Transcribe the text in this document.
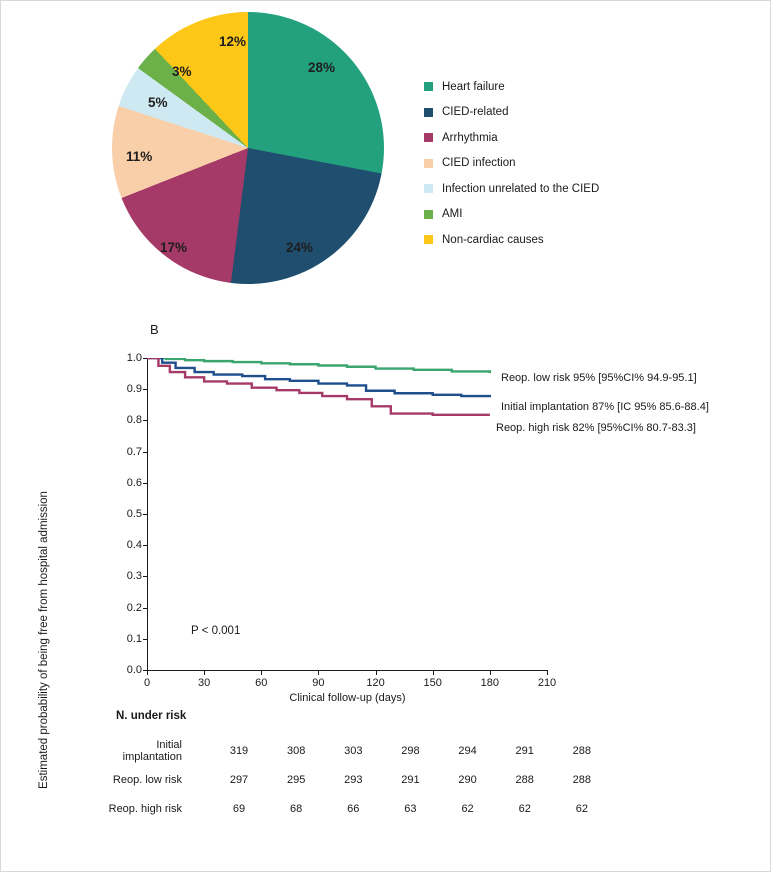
28%
24%
17%
11%
5%
3%
12%
Heart failure
CIED-related
Arrhythmia
CIED infection
Infection unrelated to the CIED
AMI
Non-cardiac causes
B
Estimated probability of being free from hospital admission	0.0
0.1
0.2
0.3
0.4
0.5
0.6
0.7
0.8
0.9
1.0
0	30	60	90	120	150	180	210
Clinical follow-up (days)
P < 0.001
Reop. low risk 95% [95%CI% 94.9-95.1]
Initial implantation 87% [IC 95% 85.6-88.4]
Reop. high risk 82% [95%CI% 80.7-83.3]
N. under risk
Initial implantation	319	308	303	298	294	291	288
Reop. low risk	297	295	293	291	290	288	288
Reop. high risk	69	68	66	63	62	62	62
